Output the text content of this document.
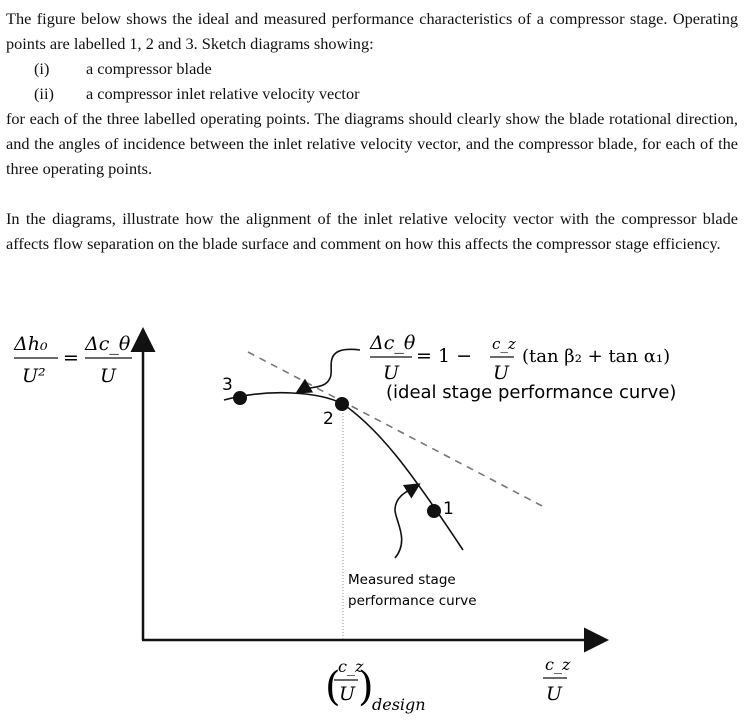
The figure below shows the ideal and measured performance characteristics of a compressor stage. Operating points are labelled 1, 2 and 3. Sketch diagrams showing:
(i) a compressor blade
(ii) a compressor inlet relative velocity vector
for each of the three labelled operating points. The diagrams should clearly show the blade rotational direction, and the angles of incidence between the inlet relative velocity vector, and the compressor blade, for each of the three operating points.
In the diagrams, illustrate how the alignment of the inlet relative velocity vector with the compressor blade affects flow separation on the blade surface and comment on how this affects the compressor stage efficiency.
3
2
1
Δh₀
U²
=
Δc_θ
U
Δc_θ
U
= 1 −
c_z
U
(tan β₂ + tan α₁)
c_z
U
( )
design
c_z
U
(ideal stage performance curve)
Measured stage
performance curve
